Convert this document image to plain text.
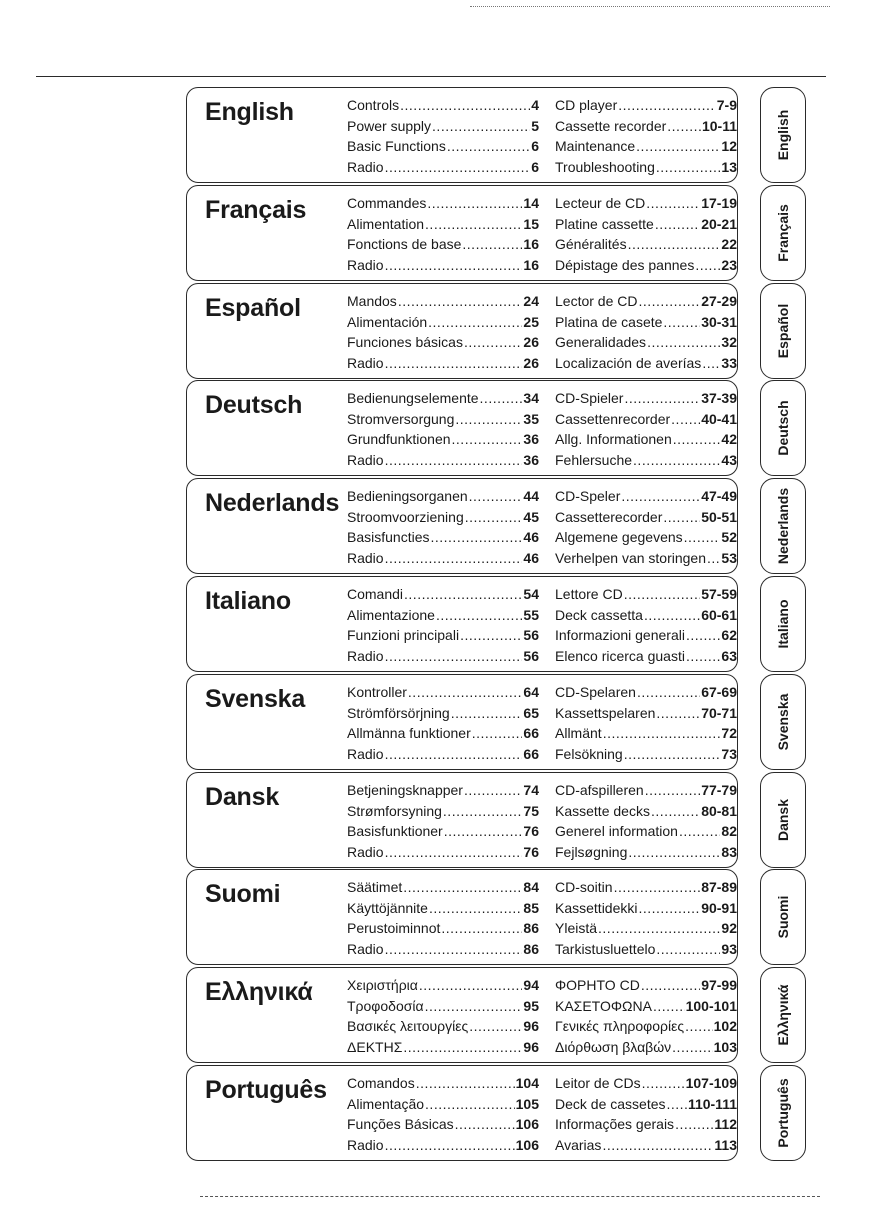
English	Controls .....	4
Power supply .....	5
Basic Functions .....	6
Radio .....	6
CD player .....	7-9
Cassette recorder .....	10-11
Maintenance .....	12
Troubleshooting .....	13
English
Français	Commandes .....	14
Alimentation .....	15
Fonctions de base .....	16
Radio .....	16
Lecteur de CD .....	17-19
Platine cassette .....	20-21
Généralités .....	22
Dépistage des pannes ..... 23
Français
Español	Mandos .....	24
Alimentación .....	25
Funciones básicas .....	26
Radio .....	26
Lector de CD .....	27-29
Platina de casete .....	30-31
Generalidades .....	32
Localización de averías ..... 33
Español
Deutsch	Bedienungselemente .....	34
Stromversorgung .....	35
Grundfunktionen .....	36
Radio .....	36
CD-Spieler .....	37-39
Cassettenrecorder ..... 40-41
Allg. Informationen .....	42
Fehlersuche .....	43
Deutsch
Nederlands Bedieningsorganen .....	44
Stroomvoorziening .....	45
Basisfuncties .....	46
Radio .....	46
CD-Speler .....	47-49
Cassetterecorder .....	50-51
Algemene gegevens .....	52
Verhelpen van storingen ..... 53	Nederlands
Italiano	Comandi .....	54
Alimentazione .....	55
Funzioni principali .....	56
Radio .....	56
Lettore CD .....	57-59
Deck cassetta .....	60-61
Informazioni generali .....	62
Elenco ricerca guasti .....	63
Italiano
Svenska	Kontroller .....	64
Strömförsörjning .....	65
Allmänna funktioner .....	66
Radio .....	66
CD-Spelaren .....	67-69
Kassettspelaren .....	70-71
Allmänt .....	72
Felsökning .....	73
Svenska
Dansk	Betjeningsknapper .....	74
Strømforsyning .....	75
Basisfunktioner .....	76
Radio .....	76
CD-afspilleren .....	77-79
Kassette decks .....	80-81
Generel information .....	82
Fejlsøgning .....	83
Dansk
Suomi	Säätimet .....	84
Käyttöjännite .....	85
Perustoiminnot .....	86
Radio .....	86
CD-soitin .....	87-89
Kassettidekki .....	90-91
Yleistä .....	92
Tarkistusluettelo .....	93
Suomi
Ελληνικά Χειριστήρια .....	94
Τροφοδοσία .....	95
Βασικές λειτουργίες .....	96
ΔΕΚΤΗΣ .....	96
ΦΟΡΗΤΟ CD .....	97-99
ΚΑΣΕΤΟΦΩΝΑ ..... 100-101
Γενικές πληροφορίες ..... 102
Διόρθωση βλαβών .....	103
Ελληνικά
Português Comandos .....	104
Alimentação .....	105
Funções Básicas .....	106
Radio .....	106
Leitor de CDs .....	107-109
Deck de cassetes ..... 110-111
Informações gerais .....	112
Avarias .....	113	Português
